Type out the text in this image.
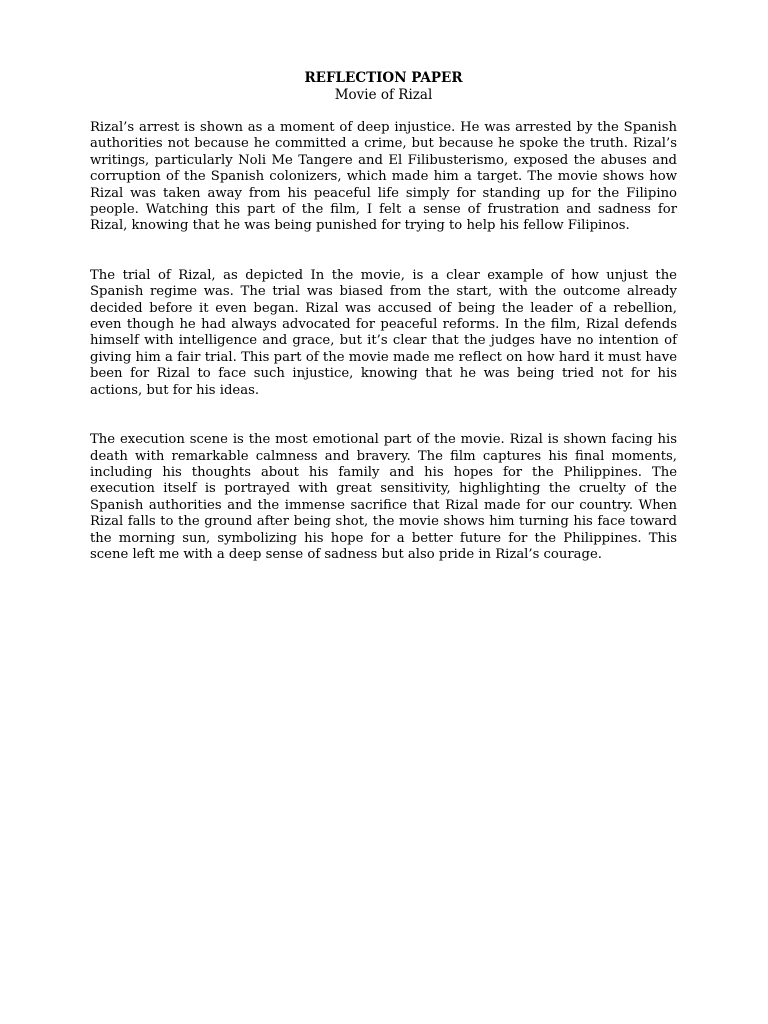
REFLECTION PAPER

Movie of Rizal

Rizal’s arrest is shown as a moment of deep injustice. He was arrested by the Spanish authorities not because he committed a crime, but because he spoke the truth. Rizal’s writings, particularly Noli Me Tangere and El Filibusterismo, exposed the abuses and corruption of the Spanish colonizers, which made him a target. The movie shows how Rizal was taken away from his peaceful life simply for standing up for the Filipino people. Watching this part of the film, I felt a sense of frustration and sadness for Rizal, knowing that he was being punished for trying to help his fellow Filipinos.

The trial of Rizal, as depicted In the movie, is a clear example of how unjust the Spanish regime was. The trial was biased from the start, with the outcome already decided before it even began. Rizal was accused of being the leader of a rebellion, even though he had always advocated for peaceful reforms. In the film, Rizal defends himself with intelligence and grace, but it’s clear that the judges have no intention of giving him a fair trial. This part of the movie made me reflect on how hard it must have been for Rizal to face such injustice, knowing that he was being tried not for his actions, but for his ideas.

The execution scene is the most emotional part of the movie. Rizal is shown facing his death with remarkable calmness and bravery. The film captures his final moments, including his thoughts about his family and his hopes for the Philippines. The execution itself is portrayed with great sensitivity, highlighting the cruelty of the Spanish authorities and the immense sacrifice that Rizal made for our country. When Rizal falls to the ground after being shot, the movie shows him turning his face toward the morning sun, symbolizing his hope for a better future for the Philippines. This scene left me with a deep sense of sadness but also pride in Rizal’s courage.
